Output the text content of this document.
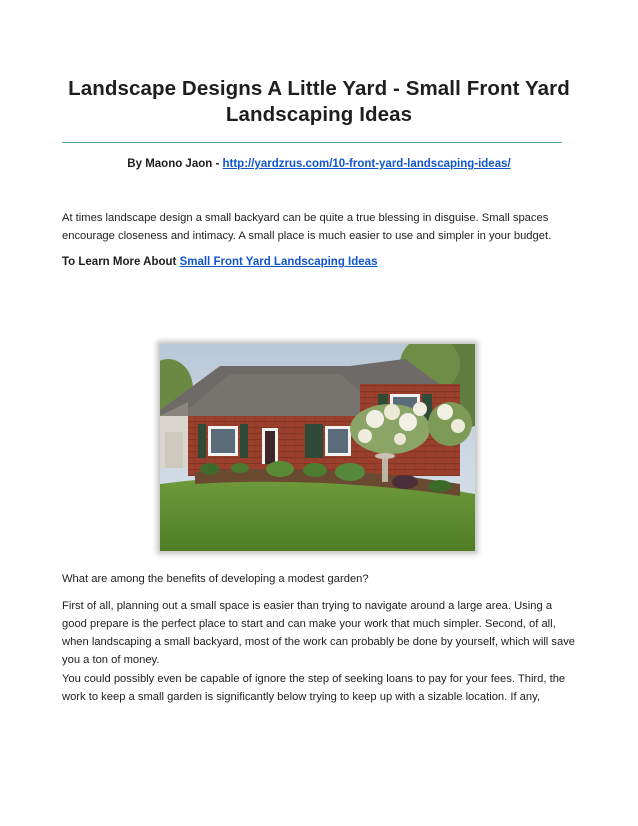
Landscape Designs A Little Yard - Small Front Yard Landscaping Ideas
By Maono Jaon - http://yardzrus.com/10-front-yard-landscaping-ideas/

At times landscape design a small backyard can be quite a true blessing in disguise. Small spaces encourage closeness and intimacy. A small place is much easier to use and simpler in your budget.

To Learn More About Small Front Yard Landscaping Ideas

What are among the benefits of developing a modest garden?

First of all, planning out a small space is easier than trying to navigate around a large area. Using a good prepare is the perfect place to start and can make your work that much simpler. Second, of all, when landscaping a small backyard, most of the work can probably be done by yourself, which will save you a ton of money.

You could possibly even be capable of ignore the step of seeking loans to pay for your fees. Third, the work to keep a small garden is significantly below trying to keep up with a sizable location. If any,
